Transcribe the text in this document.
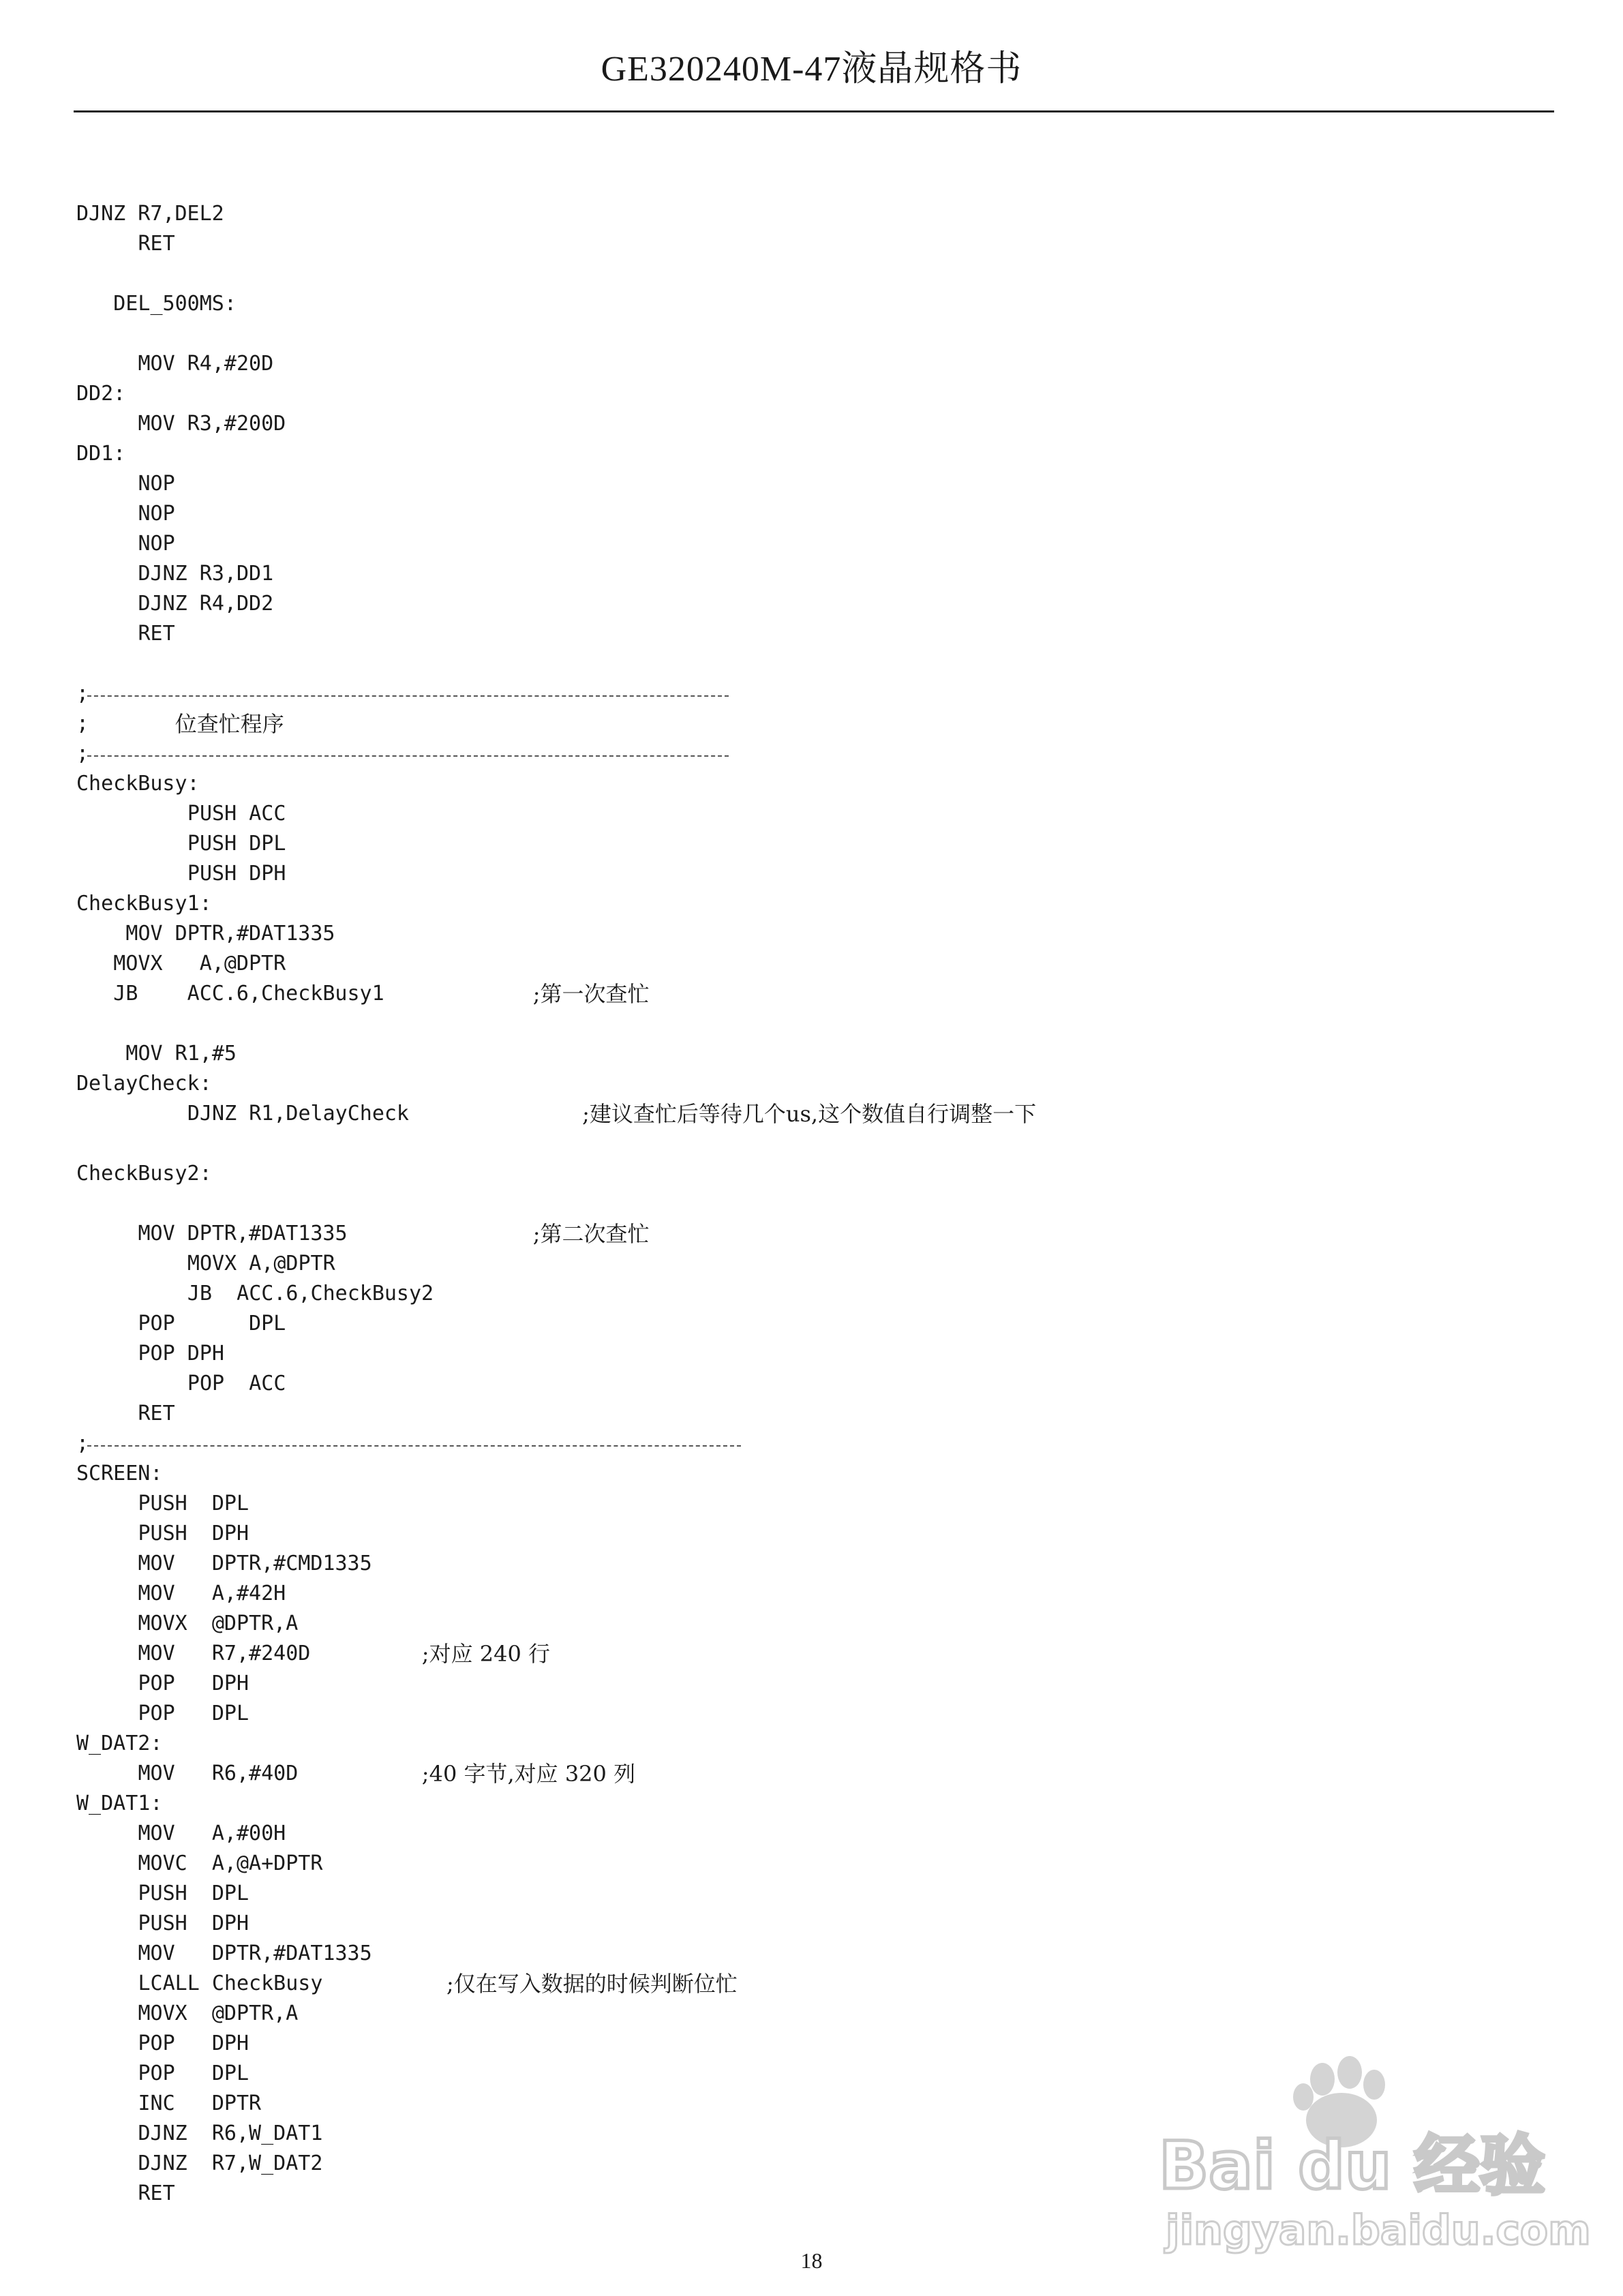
GE320240M-47液晶规格书
DJNZ R7,DEL2
RET
DEL_500MS:
MOV R4,#20D
DD2:
MOV R3,#200D
DD1:
NOP
NOP
NOP
DJNZ R3,DD1
DJNZ R4,DD2
RET
;
;	位查忙程序
;
CheckBusy:
PUSH ACC
PUSH DPL
PUSH DPH
CheckBusy1:
MOV DPTR,#DAT1335
MOVX   A,@DPTR
JB    ACC.6,CheckBusy1	;第一次查忙
MOV R1,#5
DelayCheck:
DJNZ R1,DelayCheck	;建议查忙后等待几个us,这个数值自行调整一下
CheckBusy2:
MOV DPTR,#DAT1335	;第二次查忙
MOVX A,@DPTR
JB  ACC.6,CheckBusy2
POP      DPL
POP DPH
POP  ACC
RET
;
SCREEN:
PUSH  DPL
PUSH  DPH
MOV   DPTR,#CMD1335
MOV   A,#42H
MOVX  @DPTR,A
MOV   R7,#240D	;对应 240 行
POP   DPH
POP   DPL
W_DAT2:
MOV   R6,#40D	;40 字节,对应 320 列
W_DAT1:
MOV   A,#00H
MOVC  A,@A+DPTR
PUSH  DPL
PUSH  DPH
MOV   DPTR,#DAT1335
LCALL CheckBusy	;仅在写入数据的时候判断位忙
MOVX  @DPTR,A
POP   DPH
POP   DPL
INC   DPTR
DJNZ  R6,W_DAT1
DJNZ  R7,W_DAT2
RET
18
Bai du 经验
jingyan.baidu.com
